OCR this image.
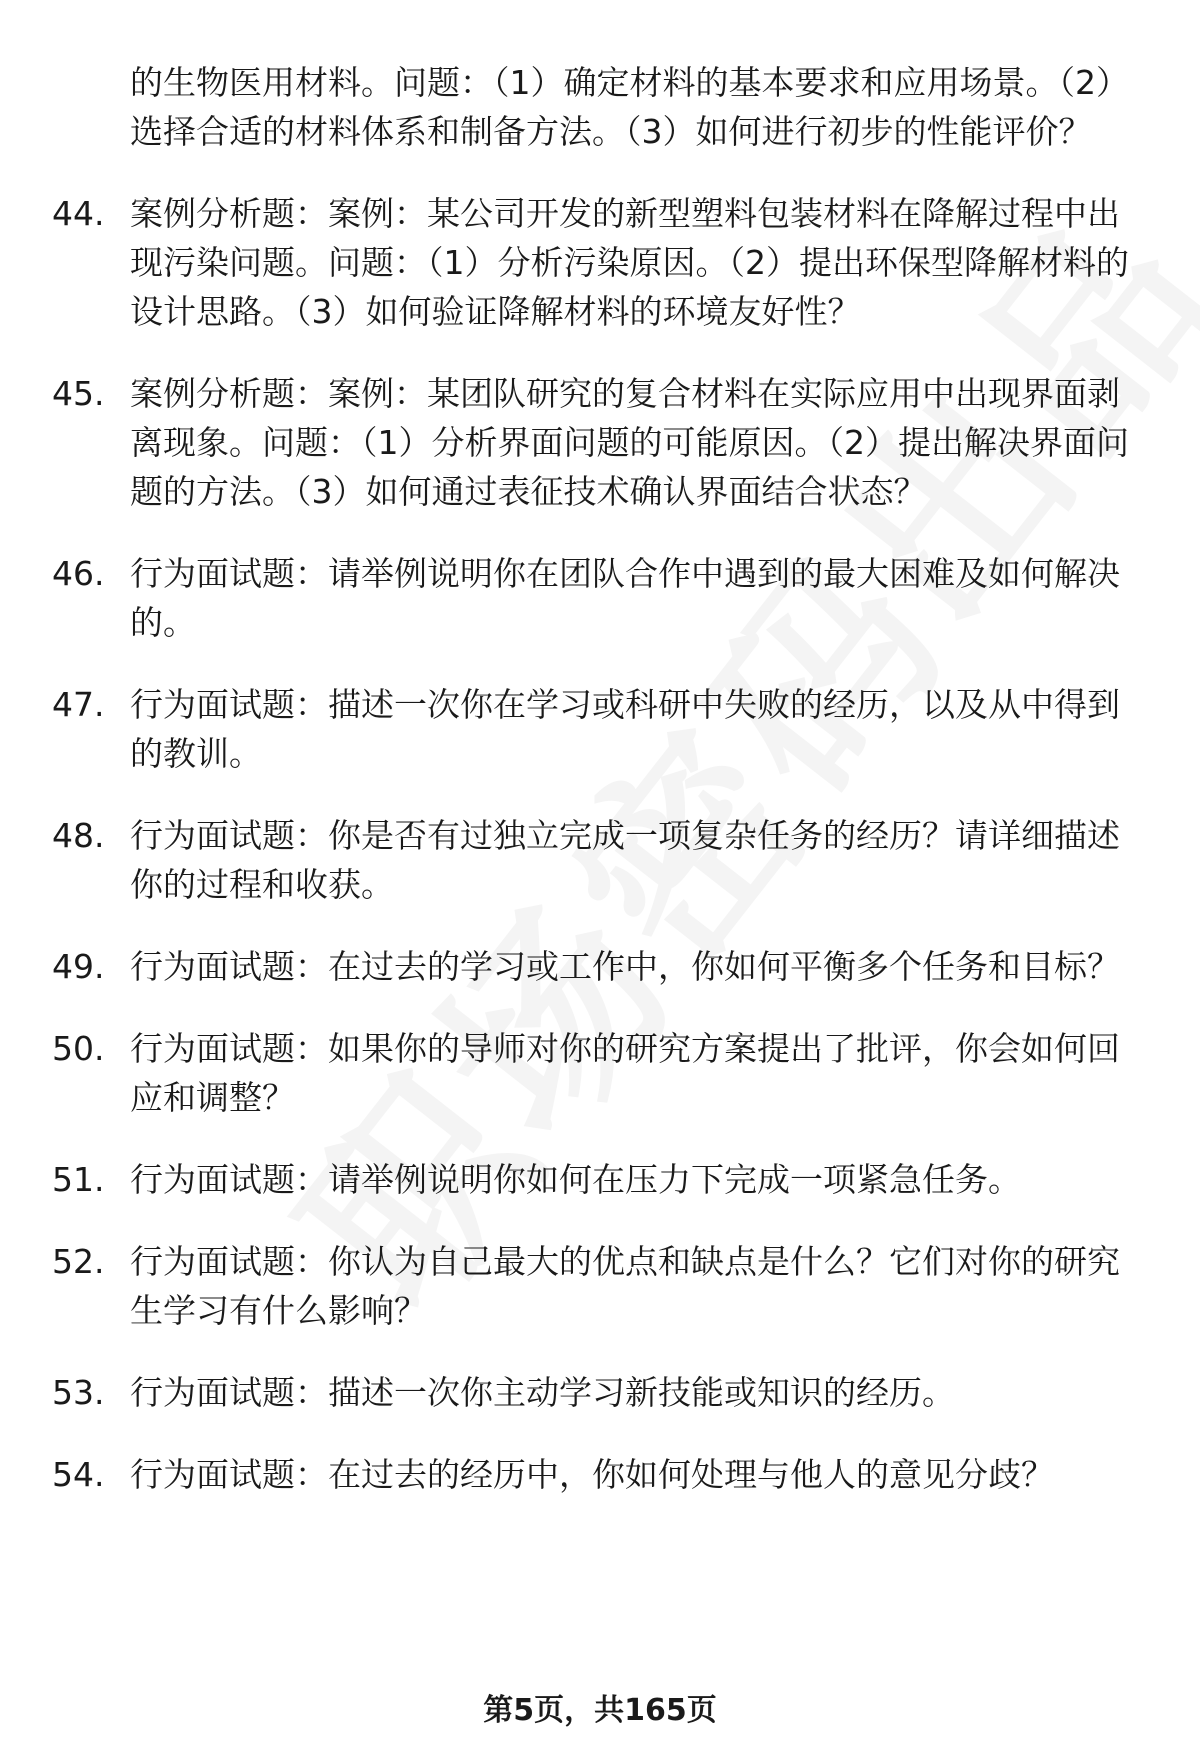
的生物医用材料。问题：（1）确定材料的基本要求和应用场景。（2）选择合适的材料体系和制备方法。（3）如何进行初步的性能评价？
44. 案例分析题：案例：某公司开发的新型塑料包装材料在降解过程中出现污染问题。问题：（1）分析污染原因。（2）提出环保型降解材料的设计思路。（3）如何验证降解材料的环境友好性？
45. 案例分析题：案例：某团队研究的复合材料在实际应用中出现界面剥离现象。问题：（1）分析界面问题的可能原因。（2）提出解决界面问题的方法。（3）如何通过表征技术确认界面结合状态？
46. 行为面试题：请举例说明你在团队合作中遇到的最大困难及如何解决的。
47. 行为面试题：描述一次你在学习或科研中失败的经历，以及从中得到的教训。
48. 行为面试题：你是否有过独立完成一项复杂任务的经历？请详细描述你的过程和收获。
49. 行为面试题：在过去的学习或工作中，你如何平衡多个任务和目标？
50. 行为面试题：如果你的导师对你的研究方案提出了批评，你会如何回应和调整？
51. 行为面试题：请举例说明你如何在压力下完成一项紧急任务。
52. 行为面试题：你认为自己最大的优点和缺点是什么？它们对你的研究生学习有什么影响？
53. 行为面试题：描述一次你主动学习新技能或知识的经历。
54. 行为面试题：在过去的经历中，你如何处理与他人的意见分歧？
第5页，共165页
